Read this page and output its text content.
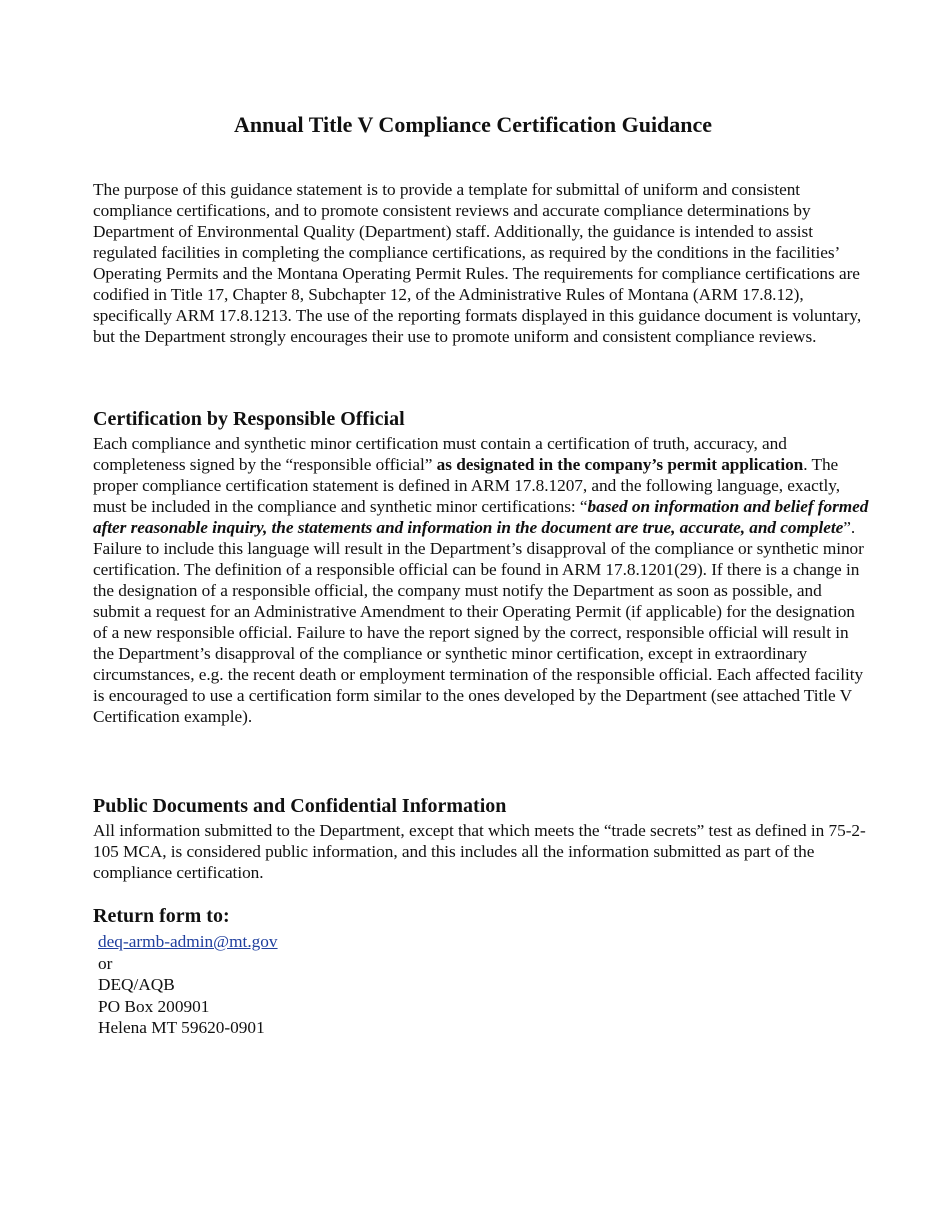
Annual Title V Compliance Certification Guidance
The purpose of this guidance statement is to provide a template for submittal of uniform and consistent compliance certifications, and to promote consistent reviews and accurate compliance determinations by Department of Environmental Quality (Department) staff. Additionally, the guidance is intended to assist regulated facilities in completing the compliance certifications, as required by the conditions in the facilities’ Operating Permits and the Montana Operating Permit Rules. The requirements for compliance certifications are codified in Title 17, Chapter 8, Subchapter 12, of the Administrative Rules of Montana (ARM 17.8.12), specifically ARM 17.8.1213. The use of the reporting formats displayed in this guidance document is voluntary, but the Department strongly encourages their use to promote uniform and consistent compliance reviews.
Certification by Responsible Official
Each compliance and synthetic minor certification must contain a certification of truth, accuracy, and completeness signed by the “responsible official” as designated in the company’s permit application. The proper compliance certification statement is defined in ARM 17.8.1207, and the following language, exactly, must be included in the compliance and synthetic minor certifications: “based on information and belief formed after reasonable inquiry, the statements and information in the document are true, accurate, and complete”. Failure to include this language will result in the Department’s disapproval of the compliance or synthetic minor certification. The definition of a responsible official can be found in ARM 17.8.1201(29). If there is a change in the designation of a responsible official, the company must notify the Department as soon as possible, and submit a request for an Administrative Amendment to their Operating Permit (if applicable) for the designation of a new responsible official. Failure to have the report signed by the correct, responsible official will result in the Department’s disapproval of the compliance or synthetic minor certification, except in extraordinary circumstances, e.g. the recent death or employment termination of the responsible official. Each affected facility is encouraged to use a certification form similar to the ones developed by the Department (see attached Title V Certification example).
Public Documents and Confidential Information
All information submitted to the Department, except that which meets the “trade secrets” test as defined in 75-2-105 MCA, is considered public information, and this includes all the information submitted as part of the compliance certification.
Return form to:
deq-armb-admin@mt.gov
or
DEQ/AQB
PO Box 200901
Helena MT 59620-0901
